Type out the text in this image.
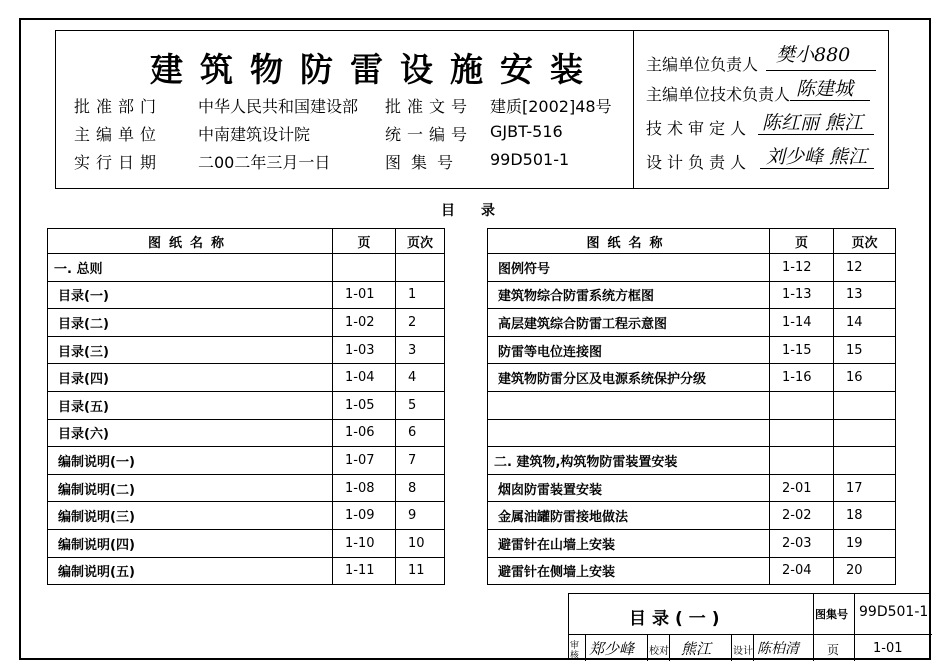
建筑物防雷设施安装
批准部门 中华人民共和国建设部
主编单位 中南建筑设计院
实行日期 二00二年三月一日
批准文号 建质[2002]48号
统一编号 GJBT-516
图集号 99D501-1
主编单位负责人 樊小880
主编单位技术负责人 陈建城
技术审定人 陈红丽 熊江
设计负责人 刘少峰 熊江
目录
图纸名称	页	页次
一. 总则		
目录(一)	1-01	1
目录(二)	1-02	2
目录(三)	1-03	3
目录(四)	1-04	4
目录(五)	1-05	5
目录(六)	1-06	6
编制说明(一)	1-07	7
编制说明(二)	1-08	8
编制说明(三)	1-09	9
编制说明(四)	1-10	10
编制说明(五)	1-11	11
图纸名称	页	页次
图例符号	1-12	12
建筑物综合防雷系统方框图	1-13	13
高层建筑综合防雷工程示意图	1-14	14
防雷等电位连接图	1-15	15
建筑物防雷分区及电源系统保护分级	1-16	16

二. 建筑物,构筑物防雷装置安装		
烟囱防雷装置安装	2-01	17
金属油罐防雷接地做法	2-02	18
避雷针在山墙上安装	2-03	19
避雷针在侧墙上安装	2-04	20
目录(一)	图集号 99D501-1
审核 郑少峰 校对 熊江 设计 陈柏清 页	1-01
